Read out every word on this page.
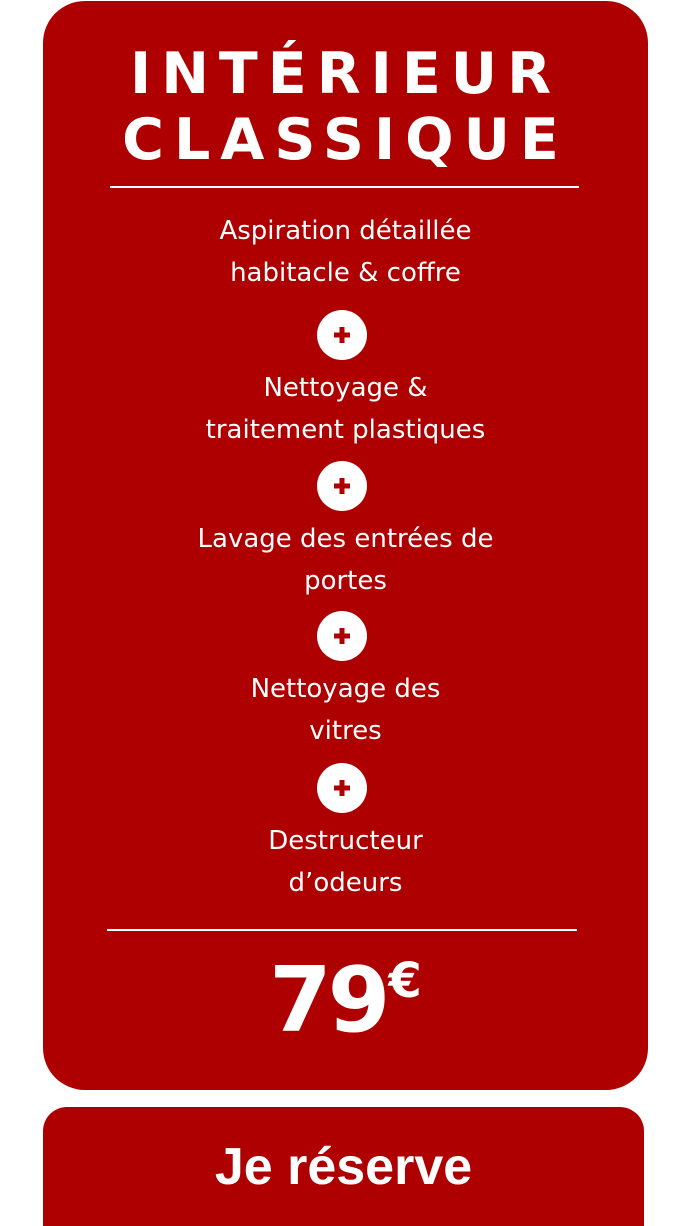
INTÉRIEUR
CLASSIQUE

Aspiration détaillée
habitacle & coffre

Nettoyage &
traitement plastiques

Lavage des entrées de
portes

Nettoyage des
vitres

Destructeur
d’odeurs

79€
Je réserve
